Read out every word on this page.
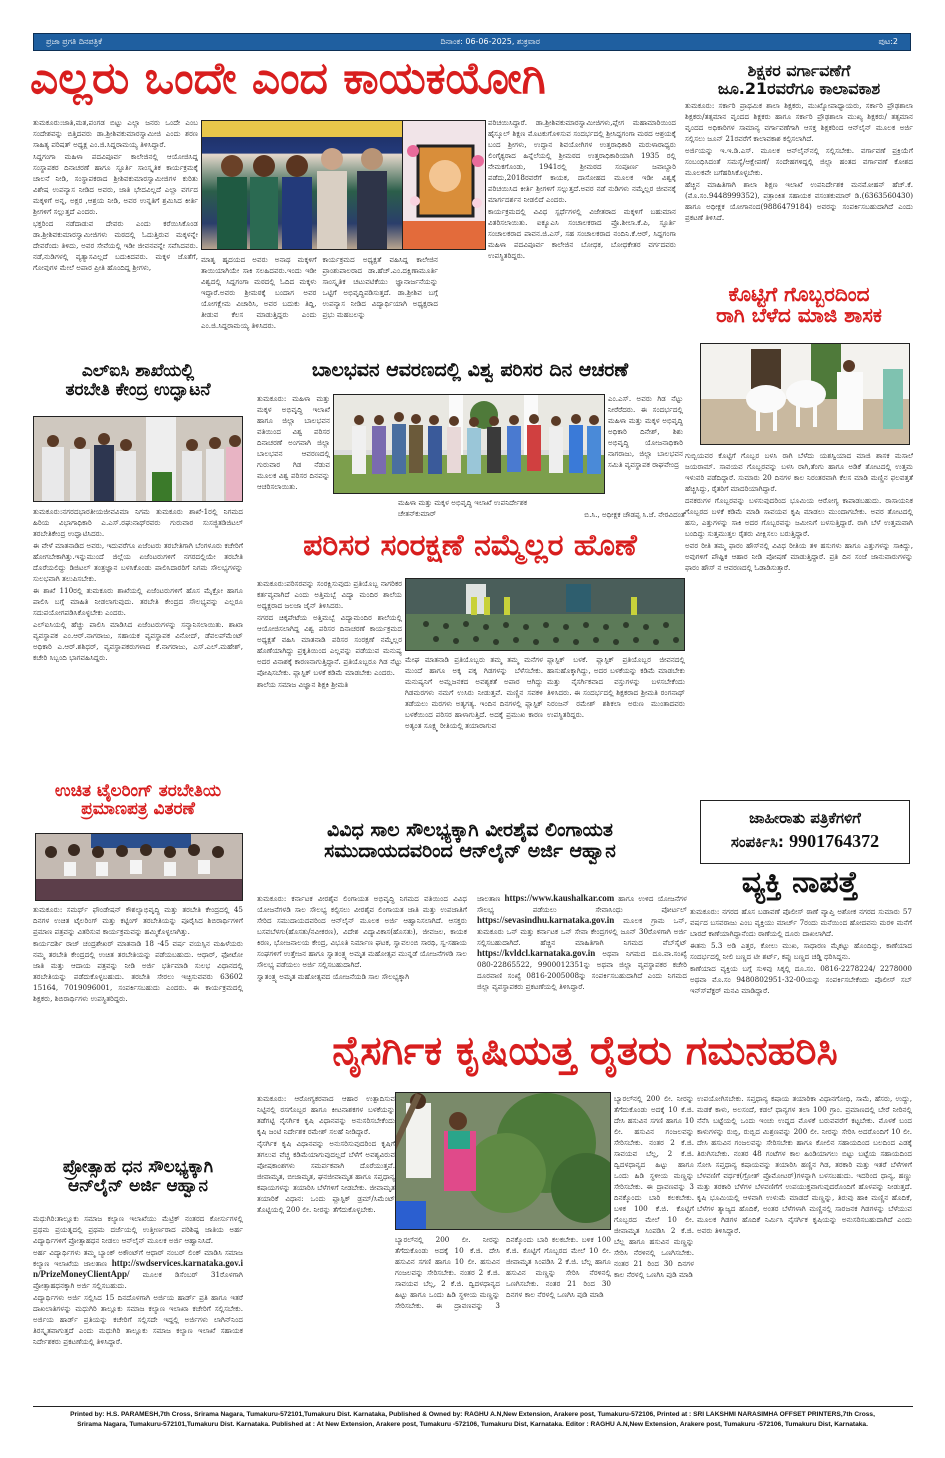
ಪ್ರಜಾ ಪ್ರಗತಿ ದಿನಪತ್ರಿಕೆ	ದಿನಾಂಕ: 06-06-2025, ಶುಕ್ರವಾರ	ಪುಟ:2
ಎಲ್ಲರು ಒಂದೇ ಎಂದ ಕಾಯಕಯೋಗಿ

ತುಮಕೂರು:ಜಾತಿ,ಮತ,ಪಂಗಡ ಬಿಟ್ಟು ಎಲ್ಲಾ ಜನರು ಒಂದೇ ಎಂಬ ಸಂದೇಶವನ್ನು ಬಿತ್ತಿದವರು ಡಾ.ಶ್ರೀಶಿವಕುಮಾರಸ್ವಾಮೀಜಿ ಎಂದು ಶರಣ ಸಾಹಿತ್ಯ ಪರಿಷತ್ ಅಧ್ಯಕ್ಷ ಎಂ.ಜಿ.ಸಿದ್ದರಾಮಯ್ಯ ತಿಳಿಸಿದ್ದಾರೆ.

ಸಿದ್ದಗಂಗಾ ಮಹಿಳಾ ಪದವಿಪೂರ್ವ ಕಾಲೇಜಿನಲ್ಲಿ ಆಯೋಜಿಸಿದ್ದ ಸಂಸ್ಥಾಪಕರ ದಿನಾಚರಣೆ ಹಾಗೂ ಸ್ಫೂರ್ತಿ ಸಾಂಸ್ಕೃತಿಕ ಕಾರ್ಯಕ್ರಮಕ್ಕೆ ಚಾಲನೆ ನೀಡಿ, ಸಂಸ್ಥಾಪಕರಾದ ಶ್ರೀಶಿವಕುಮಾರಸ್ವಾಮೀಜಿಗಳ ಕುರಿತು ವಿಶೇಷ ಉಪನ್ಯಾಸ ನೀಡಿದ ಅವರು, ಜಾತಿ ಭೇದವಿಲ್ಲದೆ ಎಲ್ಲಾ ವರ್ಗದ ಮಕ್ಕಳಿಗೆ ಅನ್ನ, ಅಕ್ಷರ ,ಆಶ್ರಯ ನೀಡಿ, ಅವರ ಉನ್ನತಿಗೆ ಶ್ರಮಿಸಿದ ಕೀರ್ತಿ ಶ್ರೀಗಳಿಗೆ ಸಲ್ಲುತ್ತದೆ ಎಂದರು.

ಭಕ್ತರಿಂದ ನಡೆದಾಡುವ ದೇವರು ಎಂದು ಕರೆಯಿಸಿಕೊಂಡ ಡಾ.ಶ್ರೀಶಿವಕುಮಾರಸ್ವಾಮೀಜಿಗಳು ಮಠದಲ್ಲಿ ಓದುತ್ತಿರುವ ಮಕ್ಕಳನ್ನೇ ದೇವರೆಂದು ತಿಳಿದು, ಅವರ ಸೇವೆಯಲ್ಲಿ ಇಡೀ ಜೀವನವನ್ನೇ ಸವೆಸಿದವರು. ನಡೆ,ನುಡಿಗಳಲ್ಲಿ ವ್ಯತ್ಯಾಸವಿಲ್ಲದೆ ಬದುಕಿದವರು. ಮಕ್ಕಳ ಜೊತೆಗೆ, ಗೋವುಗಳ ಮೇಲೆ ಅಪಾರ ಪ್ರೀತಿ ಹೊಂದಿದ್ದ ಶ್ರೀಗಳು,

ಮಾತೃ ಹೃದಯದ ಅವರು ಅನಾಥ ಮಕ್ಕಳಿಗೆ ತಾಯಿಯಾಗಿಯೇ ಸಾಕಿ ಸಲಹಿದವರು.ಇಂದು ಇಡೀ ವಿಶ್ವದಲ್ಲಿ ಸಿದ್ದಗಂಗಾ ಮಠದಲ್ಲಿ ಓದಿದ ಮಕ್ಕಳು ಇದ್ದಾರೆ.ಅವರು ಶ್ರೀಮಠಕ್ಕೆ ಬಂದಾಗ ಅವರ ಯೋಗಕ್ಷೇಮ ವಿಚಾರಿಸಿ, ಅವರ ಬದುಕು ತಿದ್ದಿ, ತೀಡುವ ಕೆಲಸ ಮಾಡುತ್ತಿದ್ದರು ಎಂದು ಎಂ.ಜಿ.ಸಿದ್ದರಾಮಯ್ಯ ತಿಳಿಸಿದರು.

ಕಾರ್ಯಕ್ರಮದ ಅಧ್ಯಕ್ಷತೆ ವಹಿಸಿದ್ದ ಕಾಲೇಜಿನ ಪ್ರಾಂಶುಪಾಲರಾದ ಡಾ.ಹೆಚ್.ಎಂ.ದಕ್ಷಿಣಾಮೂರ್ತಿ ಸಾಂಸ್ಕೃತಿಕ ಚಟುವಟಿಕೆಯು ಜ್ಞಾನಾರ್ಜನೆಯನ್ನು ಒಟ್ಟಿಗೆ ಅಭಿವೃದ್ಧಿಪಡಿಸುತ್ತದೆ. ಡಾ.ಶ್ರೀಶಿವ ಬಗ್ಗೆ ಉಪನ್ಯಾಸ ನೀಡಿದ ವಿದ್ಯಾರ್ಥಿಯಾಗಿ ಅಧ್ಯಕ್ಷರಾದ ಪ್ರಭು ಮಹಬಲನ್ನು

ಪರಿಚಯಿಸಿದ್ದಾರೆ. ಡಾ.ಶ್ರೀಶಿವಕುಮಾರಸ್ವಾಮೀಜಿಗಳು,ಪ್ಲೇಗ ಮಹಾಮಾರಿಯಿಂದ ಹೈಸ್ಕೂಲ್ ಶಿಕ್ಷಣ ಮೊಟಕುಗೊಳಿಸುವ ಸಂದರ್ಭದಲ್ಲಿ ಶ್ರೀಸಿದ್ದಗಂಗಾ ಮಠದ ಆಶ್ರಯಕ್ಕೆ ಬಂದ ಶ್ರೀಗಳು, ಉದ್ದಾನ ಶಿವಯೋಗಿಗಳ ಉತ್ತರಾಧಿಕಾರಿ ಮರುಳಾರಾಧ್ಯರು ಲಿಂಗೈಕ್ಯರಾದ ಹಿನ್ನೆಲೆಯಲ್ಲಿ ಶ್ರೀಮಠದ ಉತ್ತರಾಧಿಕಾರಿಯಾಗಿ 1935 ರಲ್ಲಿ ನೇಮಕಗೊಂಡು, 1941ರಲ್ಲಿ ಶ್ರೀಮಠದ ಸಂಪೂರ್ಣ ಜವಾಬ್ದಾರಿ ಪಡೆದು,2018ರವರೆಗೆ ಕಾಯಕ, ದಾಸೋಹದ ಮೂಲಕ ಇಡೀ ವಿಶ್ವಕ್ಕೆ ಪರಿಚಯಿಸಿದ ಕೀರ್ತಿ ಶ್ರೀಗಳಿಗೆ ಸಲ್ಲುತ್ತದೆ.ಅವರ ನಡೆ ನುಡಿಗಳು ನಮ್ಮೆಲ್ಲರ ಜೀವನಕ್ಕೆ ಮಾರ್ಗದರ್ಶನ ನೀಡಲಿದೆ ಎಂದರು.

ಕಾರ್ಯಕ್ರಮದಲ್ಲಿ ವಿವಿಧ ಸ್ಪರ್ಧೆಗಳಲ್ಲಿ ವಿಜೇತರಾದ ಮಕ್ಕಳಿಗೆ ಬಹುಮಾನ ವಿತರಿಸಲಾಯಿತು. ಐಕ್ಯೂಎಸಿ ಸಂಚಾಲಕರಾದ ಪ್ರೊ.ಶೀಲಾ.ಕೆ.ಪಿ, ಸ್ಫೂರ್ತಿ ಸಂಚಾಲಕರಾದ ಪಾವನ.ಜಿ.ಎಸ್, ಸಹ ಸಂಚಾಲಕರಾದ ನಂದಿನಿ.ಕೆ.ಆರ್, ಸಿದ್ದಗಂಗಾ ಮಹಿಳಾ ಪದವಿಪೂರ್ವ ಕಾಲೇಜಿನ ಬೋಧಕ, ಬೋಧಕೇತರ ವರ್ಗದವರು ಉಪಸ್ಥಿತರಿದ್ದರು.

ಶಿಕ್ಷಕರ ವರ್ಗಾವಣೆಗೆ
ಜೂ.21ರವರೆಗೂ ಕಾಲಾವಕಾಶ

ತುಮಕೂರು: ಸರ್ಕಾರಿ ಪ್ರಾಥಮಿಕ ಶಾಲಾ ಶಿಕ್ಷಕರು, ಮುಖ್ಯೋಪಾಧ್ಯಾಯರು, ಸರ್ಕಾರಿ ಪ್ರೌಢಶಾಲಾ ಶಿಕ್ಷಕರು/ತತ್ಸಮಾನ ವೃಂದದ ಶಿಕ್ಷಕರು ಹಾಗೂ ಸರ್ಕಾರಿ ಪ್ರೌಢಶಾಲಾ ಮುಖ್ಯ ಶಿಕ್ಷಕರು/ ತತ್ಸಮಾನ ವೃಂದದ ಅಧಿಕಾರಿಗಳ ಸಾಮಾನ್ಯ ವರ್ಗಾವಣೆಗಾಗಿ ಆಸಕ್ತ ಶಿಕ್ಷಕರಿಂದ ಆನ್‍ಲೈನ್ ಮೂಲಕ ಅರ್ಜಿ ಸಲ್ಲಿಸಲು ಜೂನ್ 21ರವರೆಗೆ ಕಾಲಾವಕಾಶ ಕಲ್ಪಿಸಲಾಗಿದೆ.

ಅರ್ಜಿಯನ್ನು ಇ.ಇ.ಡಿ.ಎಸ್. ಮೂಲಕ ಆನ್‍ಲೈನ್‍ನಲ್ಲಿ ಸಲ್ಲಿಸಬೇಕು. ವರ್ಗಾವಣೆ ಪ್ರಕ್ರಿಯೆಗೆ ಸಂಬಂಧಿಸಿದಂತೆ ಸಮಸ್ಯೆ/ಆಕ್ಷೇಪಣೆ/ ಸಂದೇಹಗಳಿದ್ದಲ್ಲಿ ಜಿಲ್ಲಾ ಹಂತದ ವರ್ಗಾವಣೆ ಕೋಶದ ಮೂಲಕವೇ ಬಗೆಹರಿಸಿಕೊಳ್ಳಬೇಕು.

ಹೆಚ್ಚಿನ ಮಾಹಿತಿಗಾಗಿ ಶಾಲಾ ಶಿಕ್ಷಣ ಇಲಾಖೆ ಉಪನಿರ್ದೇಶಕ ಮನಮೋಹನ್ ಹೆಚ್.ಕೆ.(ಮೊ.ಸಂ.9448999352), ಪತ್ರಾಂಕಿತ ಸಹಾಯಕ ವಸಂತಕುಮಾರ್ ಡಿ.(6363560430) ಹಾಗೂ ಅಧೀಕ್ಷಕ ಯೋಗಾನಂದ(9886479184) ಅವರನ್ನು ಸಂಪರ್ಕಿಸಬಹುದಾಗಿದೆ ಎಂದು ಪ್ರಕಟಣೆ ತಿಳಿಸಿದೆ.

ಕೊಟ್ಟಿಗೆ ಗೊಬ್ಬರದಿಂದ
ರಾಗಿ ಬೆಳೆದ ಮಾಜಿ ಶಾಸಕ

ಗುಬ್ಬಿಯವರ ಕೊಟ್ಟಿಗೆ ಗೊಬ್ಬರ ಬಳಸಿ ರಾಗಿ ಬೆಳೆದು ಯಶಸ್ವಿಯಾದ ಮಾಜಿ ಶಾಸಕ ಮಸಾಲೆ ಜಯರಾಮ್. ಸಾವಯವ ಗೊಬ್ಬರವನ್ನು ಬಳಸಿ ರಾಗಿ,ತೆಂಗು ಹಾಗೂ ಅಡಿಕೆ ತೋಟದಲ್ಲಿ ಉತ್ತಮ ಇಳುವರಿ ಪಡೆದಿದ್ದಾರೆ. ಸುಮಾರು 20 ದಿನಗಳ ಕಾಲ ನಿರಂತರವಾಗಿ ಕೆಲಸ ಮಾಡಿ ಮಣ್ಣಿನ ಫಲವತ್ತತೆ ಹೆಚ್ಚಿಸಿದ್ದು, ರೈತರಿಗೆ ಮಾದರಿಯಾಗಿದ್ದಾರೆ.

ದನಕರುಗಳ ಗೊಬ್ಬರವನ್ನು ಬಳಸುವುದರಿಂದ ಭೂಮಿಯ ಆರೋಗ್ಯ ಕಾಪಾಡಬಹುದು. ರಾಸಾಯನಿಕ ಗೊಬ್ಬರದ ಬಳಕೆ ಕಡಿಮೆ ಮಾಡಿ ಸಾವಯವ ಕೃಷಿ ಮಾಡಲು ಮುಂದಾಗಬೇಕು. ಅವರ ತೋಟದಲ್ಲಿ ಹಸು, ಎತ್ತುಗಳನ್ನು ಸಾಕಿ ಅದರ ಗೊಬ್ಬರವನ್ನು ಜಮೀನಿಗೆ ಬಳಸುತ್ತಿದ್ದಾರೆ. ರಾಗಿ ಬೆಳೆ ಉತ್ತಮವಾಗಿ ಬಂದಿದ್ದು ಸುತ್ತಮುತ್ತಲ ರೈತರು ವೀಕ್ಷಿಸಲು ಬರುತ್ತಿದ್ದಾರೆ.

ಅವರ ರೀತಿ ತಮ್ಮ ಫಾರಂ ಹೌಸ್‍ನಲ್ಲಿ ವಿವಿಧ ರೀತಿಯ ತಳಿ ಹಸುಗಳು ಹಾಗೂ ಎತ್ತುಗಳನ್ನು ಸಾಕಿದ್ದು, ಅವುಗಳಿಗೆ ಪೌಷ್ಟಿಕ ಆಹಾರ ನೀಡಿ ಪೋಷಣೆ ಮಾಡುತ್ತಿದ್ದಾರೆ. ಪ್ರತಿ ದಿನ ಸಂಜೆ ಜಾನುವಾರುಗಳನ್ನು ಫಾರಂ ಹೌಸ್ ನ ಆವರಣದಲ್ಲಿ ಓಡಾಡಿಸುತ್ತಾರೆ.

ಜಾಹೀರಾತು ಪತ್ರಿಕೆಗಳಿಗೆ
ಸಂಪರ್ಕಿಸಿ: 9901764372
ವ್ಯಕ್ತಿ ನಾಪತ್ತೆ

ತುಮಕೂರು: ನಗರದ ಹೊಸ ಬಡಾವಣೆ ಪೊಲೀಸ್ ಠಾಣೆ ವ್ಯಾಪ್ತಿ ಅಶೋಕ ನಗರದ ಸುಮಾರು 57 ವರ್ಷದ ಬಸವರಾಜು ಎಂಬ ವ್ಯಕ್ತಿಯು ಮಾರ್ಚ್ 7ರಂದು ಮನೆಯಿಂದ ಹೋದವನು ಮರಳಿ ಮನೆಗೆ ಬಾರದೆ ಕಾಣೆಯಾಗಿದ್ದಾನೆಂದು ಠಾಣೆಯಲ್ಲಿ ದೂರು ದಾಖಲಾಗಿದೆ.

ಈತನು 5.3 ಅಡಿ ಎತ್ತರ, ಕೋಲು ಮುಖ, ಸಾಧಾರಣ ಮೈಕಟ್ಟು ಹೊಂದಿದ್ದು, ಕಾಣೆಯಾದ ಸಂದರ್ಭದಲ್ಲಿ ನೀಲಿ ಬಣ್ಣದ ಟೀ ಶರ್ಟ್, ಕಪ್ಪು ಬಣ್ಣದ ಚಡ್ಡಿ ಧರಿಸಿದ್ದನು.

ಕಾಣೆಯಾದ ವ್ಯಕ್ತಿಯ ಬಗ್ಗೆ ಸುಳಿವು ಸಿಕ್ಕಲ್ಲಿ ದೂ.ಸಂ. 0816-2278224/ 2278000 ಅಥವಾ ಮೊ.ಸಂ 9480802951-32-00ಯನ್ನು ಸಂಪರ್ಕಿಸಬೇಕೆಂದು ಪೊಲೀಸ್ ಸಬ್ ಇನ್ಸ್‍ಪೆಕ್ಟರ್ ಮನವಿ ಮಾಡಿದ್ದಾರೆ.

ಎಲ್‍ಐಸಿ ಶಾಖೆಯಲ್ಲಿ
ತರಬೇತಿ ಕೇಂದ್ರ ಉದ್ಘಾಟನೆ

ತುಮಕೂರು:ನಗರದಭಾರತೀಯಜೀವವಿಮಾ ನಿಗಮ ತುಮಕೂರು ಶಾಖೆ-1ರಲ್ಲಿ ನಿಗಮದ ಹಿರಿಯ ವಿಭಾಗಾಧಿಕಾರಿ ಎ.ಎಸ್.ರಘುನಾಥ್‍ರವರು ಗುರುವಾರ ಸುಸಜ್ಜಿತಡಿಜಿಟಲ್ ತರಬೇತಿಕೇಂದ್ರ ಉದ್ಘಾಟಿಸಿದರು.

ಈ ವೇಳೆ ಮಾತನಾಡಿದ ಅವರು, ಇದುವರೆಗೂ ಏಜೆಂಟರು ತರಬೇತಿಗಾಗಿ ಬೆಂಗಳೂರು ಕಚೇರಿಗೆ ಹೋಗಬೇಕಾಗಿತ್ತು.ಇನ್ನುಮುಂದೆ ಜಿಲ್ಲೆಯ ಏಜೆಂಟರುಗಳಿಗೆ ನಗರದಲ್ಲಿಯೇ ತರಬೇತಿ ದೊರೆಯಲಿದ್ದು ಡಿಜಿಟಲ್ ತಂತ್ರಜ್ಞಾನ ಬಳಸಿಕೊಂಡು ಪಾಲಿಸಿದಾರರಿಗೆ ನಿಗಮ ಸೌಲಭ್ಯಗಳನ್ನು ಸುಲಭವಾಗಿ ತಲುಪಿಸಬೇಕು.

ಈ ಶಾಖೆ 110ರಲ್ಲಿ ತುಮಕೂರು ಶಾಖೆಯಲ್ಲಿ ಏಜೆಂಟರುಗಳಿಗೆ ಹೊಸ ಮೈಕ್ರೋ ಹಾಗೂ ಪಾಲಿಸಿ ಬಗ್ಗೆ ಮಾಹಿತಿ ನೀಡಲಾಗುವುದು. ತರಬೇತಿ ಕೇಂದ್ರದ ಸೌಲಭ್ಯವನ್ನು ಎಲ್ಲರೂ ಸದುಪಯೋಗಪಡಿಸಿಕೊಳ್ಳಬೇಕು ಎಂದರು.

ಎಲ್‍ಐಸಿಯಲ್ಲಿ ಹೆಚ್ಚು ಪಾಲಿಸಿ ಮಾಡಿಸಿದ ಏಜೆಂಟರುಗಳನ್ನು ಸನ್ಮಾನಿಸಲಾಯಿತು. ಶಾಖಾ ವ್ಯವಸ್ಥಾಪಕ ಎಂ.ಆರ್.ನಾಗರಾಜು, ಸಹಾಯಕ ವ್ಯವಸ್ಥಾಪಕ ವಿನೋದ್, ಡೆವಲಪ್‍ಮೆಂಟ್ ಅಧಿಕಾರಿ ಎ.ಆರ್.ಶಶಿಧರ್, ವ್ಯವಸ್ಥಾಪಕರುಗಳಾದ ಕೆ.ನಾಗರಾಜು, ಎಸ್.ಎಲ್.ಮಹೇಶ್, ಕಚೇರಿ ಸಿಬ್ಬಂದಿ ಭಾಗವಹಿಸಿದ್ದರು.

ಉಚಿತ ಟೈಲರಿಂಗ್ ತರಬೇತಿಯ
ಪ್ರಮಾಣಪತ್ರ ವಿತರಣೆ

ತುಮಕೂರು: ಸಮರ್ಥ್ ಫೌಂಡೇಷನ್ ಕೌಶಲ್ಯಾಭಿವೃದ್ಧಿ ಮತ್ತು ತರಬೇತಿ ಕೇಂದ್ರದಲ್ಲಿ 45 ದಿನಗಳ ಉಚಿತ ಟೈಲರಿಂಗ್ ಮತ್ತು ಕಟ್ಟಿಂಗ್ ತರಬೇತಿಯನ್ನು ಪೂರೈಸಿದ ಶಿಬಿರಾರ್ಥಿಗಳಿಗೆ ಪ್ರಮಾಣ ಪತ್ರವನ್ನು ವಿತರಿಸುವ ಕಾರ್ಯಕ್ರಮವನ್ನು ಹಮ್ಮಿಕೊಳ್ಳಲಾಗಿತ್ತು.

ಕಾರ್ಯದರ್ಶಿ ರಾಜ್ ಚಂದ್ರಶೇಖರ್ ಮಾತನಾಡಿ 18 -45 ವರ್ಷ ವಯಸ್ಸಿನ ಮಹಿಳೆಯರು ನಮ್ಮ ತರಬೇತಿ ಕೇಂದ್ರದಲ್ಲಿ ಉಚಿತ ತರಬೇತಿಯನ್ನು ಪಡೆಯಬಹುದು. ಆಧಾರ್, ಫೋಟೋ ಜಾತಿ ಮತ್ತು ಆದಾಯ ಪತ್ರವನ್ನು ನೀಡಿ ಅರ್ಜಿ ಭರ್ತಿಮಾಡಿ ಸುಲಭ ವಿಧಾನದಲ್ಲಿ ತರಬೇತಿಯನ್ನು ಪಡೆದುಕೊಳ್ಳಬಹುದು. ತರಬೇತಿ ಸೇರಲು ಇಚ್ಛಿಸುವವರು 63602 15164, 7019096001, ಸಂಪರ್ಕಿಸಬಹುದು ಎಂದರು. ಈ ಕಾರ್ಯಕ್ರಮದಲ್ಲಿ ಶಿಕ್ಷಕರು, ಶಿಬಿರಾರ್ಥಿಗಳು ಉಪಸ್ಥಿತರಿದ್ದರು.

ಪ್ರೋತ್ಸಾಹ ಧನ ಸೌಲಭ್ಯಕ್ಕಾಗಿ
ಆನ್‍ಲೈನ್ ಅರ್ಜಿ ಆಹ್ವಾನ

ಮಧುಗಿರಿ:ತಾಲ್ಲೂಕು ಸಮಾಜ ಕಲ್ಯಾಣ ಇಲಾಖೆಯು ಮೆಟ್ರಿಕ್ ನಂತರದ ಕೋರ್ಸುಗಳಲ್ಲಿ ಪ್ರಥಮ ಪ್ರಯತ್ನದಲ್ಲಿ ಪ್ರಥಮ ದರ್ಜೆಯಲ್ಲಿ ಉತ್ತೀರ್ಣರಾದ ಪರಿಶಿಷ್ಟ ಜಾತಿಯ ಅರ್ಹ ವಿದ್ಯಾರ್ಥಿಗಳಿಗೆ ಪ್ರೋತ್ಸಾಹಧನ ನೀಡಲು ಆನ್‍ಲೈನ್ ಮೂಲಕ ಅರ್ಜಿ ಆಹ್ವಾನಿಸಿದೆ.

ಅರ್ಹ ವಿದ್ಯಾರ್ಥಿಗಳು ತಮ್ಮ ಬ್ಯಾಂಕ್ ಅಕೌಂಟ್‍ಗೆ ಆಧಾರ್ ನಂಬರ್ ಲಿಂಕ್ ಮಾಡಿಸಿ ಸಮಾಜ ಕಲ್ಯಾಣ ಇಲಾಖೆಯ ಜಾಲತಾಣ http://swdservices.karnataka.gov.in/PrizeMoneyClientApp/ ಮೂಲಕ ಡಿಸೆಂಬರ್ 31ರೊಳಗಾಗಿ ಪ್ರೋತ್ಸಾಹಧನಕ್ಕಾಗಿ ಅರ್ಜಿ ಸಲ್ಲಿಸಬಹುದು.

ವಿದ್ಯಾರ್ಥಿಗಳು ಅರ್ಜಿ ಸಲ್ಲಿಸಿದ 15 ದಿನದೊಳಗಾಗಿ ಅರ್ಜಿಯ ಹಾರ್ಡ್ ಪ್ರತಿ ಹಾಗೂ ಇತರೆ ದಾಖಲಾತಿಗಳನ್ನು ಮಧುಗಿರಿ ತಾಲ್ಲೂಕು ಸಮಾಜ ಕಲ್ಯಾಣ ಇಲಾಖಾ ಕಚೇರಿಗೆ ಸಲ್ಲಿಸಬೇಕು. ಅರ್ಜಿಯ ಹಾರ್ಡ್ ಪ್ರತಿಯನ್ನು ಕಚೇರಿಗೆ ಸಲ್ಲಿಸದೇ ಇದ್ದಲ್ಲಿ ಅರ್ಜಿಗಳು ಲಾಗಿನ್‍ನಿಂದ ತಿರಸ್ಕೃತವಾಗುತ್ತದೆ ಎಂದು ಮಧುಗಿರಿ ತಾಲ್ಲೂಕು ಸಮಾಜ ಕಲ್ಯಾಣ ಇಲಾಖೆ ಸಹಾಯಕ ನಿರ್ದೇಶಕರು ಪ್ರಕಟಣೆಯಲ್ಲಿ ತಿಳಿಸಿದ್ದಾರೆ.

ಬಾಲಭವನ ಆವರಣದಲ್ಲಿ ವಿಶ್ವ ಪರಿಸರ ದಿನ ಆಚರಣೆ
ತುಮಕೂರು: ಮಹಿಳಾ ಮತ್ತು ಮಕ್ಕಳ ಅಭಿವೃದ್ಧಿ ಇಲಾಖೆ ಹಾಗೂ ಜಿಲ್ಲಾ ಬಾಲಭವನ ವತಿಯಿಂದ ವಿಶ್ವ ಪರಿಸರ ದಿನಾಚರಣೆ ಅಂಗವಾಗಿ ಜಿಲ್ಲಾ ಬಾಲಭವನ ಆವರಣದಲ್ಲಿ ಗುರುವಾರ ಗಿಡ ನೆಡುವ ಮೂಲಕ ವಿಶ್ವ ಪರಿಸರ ದಿನವನ್ನು ಆಚರಿಸಲಾಯಿತು.
ಮಹಿಳಾ ಮತ್ತು ಮಕ್ಕಳ ಅಭಿವೃದ್ಧಿ ಇಲಾಖೆ ಉಪನಿರ್ದೇಶಕ ಚೇತನ್‍ಕುಮಾರ್
ಎಂ.ಎಸ್. ಅವರು ಗಿಡ ನೆಟ್ಟು ನೀರೆರೆದರು. ಈ ಸಂದರ್ಭದಲ್ಲಿ ಮಹಿಳಾ ಮತ್ತು ಮಕ್ಕಳ ಅಭಿವೃದ್ಧಿ ಅಧಿಕಾರಿ ದಿನೇಶ್, ಶಿಶು ಅಭಿವೃದ್ಧಿ ಯೋಜನಾಧಿಕಾರಿ ನಾಗರಾಜು, ಜಿಲ್ಲಾ ಬಾಲಭವನ ಸಮಿತಿ ವ್ಯವಸ್ಥಾಪಕ ರಾಘವೇಂದ್ರ
ಬಿ.ಸಿ., ಅಧೀಕ್ಷಕ ಚೌಡಪ್ಪ ಸಿ.ಜೆ. ನೇರವಿದಂತೆ
ಪರಿಸರ ಸಂರಕ್ಷಣೆ ನಮ್ಮೆಲ್ಲರ ಹೊಣೆ

ತುಮಕೂರು:ಪರಿಸರವನ್ನು ಸಂರಕ್ಷಿಸುವುದು ಪ್ರತಿಯೊಬ್ಬ ನಾಗರಿಕರ ಕರ್ತವ್ಯವಾಗಿದೆ ಎಂದು ಅತ್ತಿಮಬ್ಬೆ ವಿದ್ಯಾ ಮಂದಿರ ಶಾಲೆಯ ಅಧ್ಯಕ್ಷರಾದ ಜಲಜಾ ಜೈನ್ ತಿಳಿಸಿದರು.

ನಗರದ ಚಿಕ್ಕಪೇಟೆಯ ಅತ್ತಿಮಬ್ಬೆ ವಿದ್ಯಾಮಂದಿರ ಶಾಲೆಯಲ್ಲಿ ಆಯೋಜಿಸಲಾಗಿದ್ದ ವಿಶ್ವ ಪರಿಸರ ದಿನಾಚರಣೆ ಕಾರ್ಯಕ್ರಮದ ಅಧ್ಯಕ್ಷತೆ ವಹಿಸಿ ಮಾತನಾಡಿ ಪರಿಸರ ಸಂರಕ್ಷಣೆ ನಮ್ಮೆಲ್ಲರ ಹೊಣೆಯಾಗಿದ್ದು ಪ್ರಕೃತಿಯಿಂದ ಎಲ್ಲವನ್ನು ಪಡೆಯುವ ಮನುಷ್ಯ ಅದರ ವಿನಾಶಕ್ಕೆ ಕಾರಣನಾಗುತ್ತಿದ್ದಾನೆ. ಪ್ರತಿಯೊಬ್ಬರೂ ಗಿಡ ನೆಟ್ಟು ಪೋಷಿಸಬೇಕು. ಪ್ಲಾಸ್ಟಿಕ್ ಬಳಕೆ ಕಡಿಮೆ ಮಾಡಬೇಕು ಎಂದರು.

ಶಾಲೆಯ ಸಮಾಜ ವಿಜ್ಞಾನ ಶಿಕ್ಷಕಿ ಶ್ರೀಮತಿ

ಮೇಘ ಮಾತನಾಡಿ ಪ್ರತಿಯೊಬ್ಬರು ತಮ್ಮ ತಮ್ಮ ಮನೆಗಳ ಮುಂದೆ ಹಾಗೂ ಅಕ್ಕ ಪಕ್ಕ ಗಿಡಗಳನ್ನು ಬೆಳೆಸಬೇಕು. ಮನುಷ್ಯನಿಗೆ ಅಮ್ಲಜನಕದ ಅವಶ್ಯಕತೆ ಅಪಾರ ಆಗಿದ್ದು ಗಿಡಮರಗಳು ನಮಗೆ ಉಸಿರು ನೀಡುತ್ತವೆ. ಮಣ್ಣಿನ ಸವಕಳಿ ತಡೆಯಲು ಮರಗಳು ಅತ್ಯಗತ್ಯ. ಇಂದಿನ ದಿನಗಳಲ್ಲಿ ಪ್ಲಾಸ್ಟಿಕ್ ಬಳಕೆಯಿಂದ ಪರಿಸರ ಹಾಳಾಗುತ್ತಿದೆ. ಅದಕ್ಕೆ ಪ್ರಮುಖ ಕಾರಣ ಅತ್ಯಂತ ಸೂಕ್ಷ್ಮ ರೀತಿಯಲ್ಲಿ ತಯಾರಾಗುವ
ಪ್ಲಾಸ್ಟಿಕ್ ಬಳಕೆ. ಪ್ಲಾಸ್ಟಿಕ್ ಪ್ರತಿಯೊಬ್ಬರ ಜೀವನದಲ್ಲಿ ಹಾಸುಹೊಕ್ಕಾಗಿದ್ದು, ಅದರ ಬಳಕೆಯನ್ನು ಕಡಿಮೆ ಮಾಡಬೇಕು ಮತ್ತು ನೈಸರ್ಗಿಕವಾದ ವಸ್ತುಗಳನ್ನು ಬಳಸಬೇಕೆಂದು ತಿಳಿಸಿದರು. ಈ ಸಂದರ್ಭದಲ್ಲಿ ಶಿಕ್ಷಕರಾದ ಶ್ರೀಮತಿ ರಂಗನಾಥ್ ನಿರಂಜನ್ ರಮೇಶ್ ಶಶಿಕಲಾ ಅರುಣ ಮುಂತಾದವರು ಉಪಸ್ಥಿತರಿದ್ದರು.
ವಿವಿಧ ಸಾಲ ಸೌಲಭ್ಯಕ್ಕಾಗಿ ವೀರಶೈವ ಲಿಂಗಾಯತ
ಸಮುದಾಯದವರಿಂದ ಆನ್‍ಲೈನ್ ಅರ್ಜಿ ಆಹ್ವಾನ

ತುಮಕೂರು: ಕರ್ನಾಟಕ ವೀರಶೈವ ಲಿಂಗಾಯತ ಅಭಿವೃದ್ಧಿ ನಿಗಮದ ವತಿಯಿಂದ ವಿವಿಧ ಯೋಜನೆಗಳಡಿ ಸಾಲ ಸೌಲಭ್ಯ ಕಲ್ಪಿಸಲು ವೀರಶೈವ ಲಿಂಗಾಯತ ಜಾತಿ ಮತ್ತು ಉಪಜಾತಿಗೆ ಸೇರಿದ ಸಮುದಾಯದವರಿಂದ ಆನ್‍ಲೈನ್ ಮೂಲಕ ಅರ್ಜಿ ಆಹ್ವಾನಿಸಲಾಗಿದೆ. ಆಸಕ್ತರು ಬಸವಬೆಳಗು(ಹೊಸತು/ನವೀಕರಣ), ವಿದೇಶ ವಿದ್ಯಾವಿಕಾಸ(ಹೊಸತು), ಜೀವಜಲ, ಕಾಯಕ ಕಿರಣ, ಭೋಜನಾಲಯ ಕೇಂದ್ರ, ವಿಭೂತಿ ನಿರ್ಮಾಣ ಘಟಕ, ಸ್ವಾವಲಂಬಿ ಸಾರಥಿ, ಸ್ವ-ಸಹಾಯ ಸಂಘಗಳಿಗೆ ಉತ್ತೇಜನ ಹಾಗೂ ಸ್ವಾತಂತ್ರ್ಯ ಅಮೃತ ಮಹೋತ್ಸವ ಮುನ್ನಡೆ ಯೋಜನೆಗಳಡಿ ಸಾಲ ಸೌಲಭ್ಯ ಪಡೆಯಲು ಅರ್ಜಿ ಸಲ್ಲಿಸಬಹುದಾಗಿದೆ.

ಸ್ವಾತಂತ್ರ್ಯ ಅಮೃತ ಮಹೋತ್ಸವದ ಯೋಜನೆಯಡಿ ಸಾಲ ಸೌಲಭ್ಯಕ್ಕಾಗಿ

ಜಾಲತಾಣ https://www.kaushalkar.com ಹಾಗೂ ಉಳಿದ ಯೋಜನೆಗಳ ಸೌಲಭ್ಯ ಪಡೆಯಲು ಸೇವಾಸಿಂಧು ಪೋರ್ಟಲ್ https://sevasindhu.karnataka.gov.in ಮೂಲಕ ಗ್ರಾಮ ಒನ್, ತುಮಕೂರು ಒನ್ ಮತ್ತು ಕರ್ನಾಟಕ ಒನ್ ಸೇವಾ ಕೇಂದ್ರಗಳಲ್ಲಿ ಜೂನ್ 30ರೊಳಗಾಗಿ ಅರ್ಜಿ ಸಲ್ಲಿಸಬಹುದಾಗಿದೆ. ಹೆಚ್ಚಿನ ಮಾಹಿತಿಗಾಗಿ ನಿಗಮದ ವೆಬ್‍ಸೈಟ್ https://kvldcl.karnataka.gov.in ಅಥವಾ ನಿಗಮದ ದೂ.ವಾ.ಸಂಖ್ಯೆ 080-22865522, 9900012351ನ್ನು ಅಥವಾ ಜಿಲ್ಲಾ ವ್ಯವಸ್ಥಾಪಕರ ಕಚೇರಿ ದೂರವಾಣಿ ಸಂಖ್ಯೆ 0816-2005008ನ್ನು ಸಂಪರ್ಕಿಸಬಹುದಾಗಿದೆ ಎಂದು ನಿಗಮದ ಜಿಲ್ಲಾ ವ್ಯವಸ್ಥಾಪಕರು ಪ್ರಕಟಣೆಯಲ್ಲಿ ತಿಳಿಸಿದ್ದಾರೆ.
ನೈಸರ್ಗಿಕ ಕೃಷಿಯತ್ತ ರೈತರು ಗಮನಹರಿಸಿ

ತುಮಕೂರು: ಆರೋಗ್ಯಕರವಾದ ಆಹಾರ ಉತ್ಪಾದಿಸುವ ನಿಟ್ಟಿನಲ್ಲಿ ರಸಗೊಬ್ಬರ ಹಾಗೂ ಕೀಟನಾಶಕಗಳ ಬಳಕೆಯನ್ನು ತಡೆಗಟ್ಟಿ ನೈಸರ್ಗಿಕ ಕೃಷಿ ವಿಧಾನವನ್ನು ಅನುಸರಿಸಬೇಕೆಂದು ಕೃಷಿ ಜಂಟಿ ನಿರ್ದೇಶಕ ರಮೇಶ್ ಸಲಹೆ ನೀಡಿದ್ದಾರೆ.

ನೈಸರ್ಗಿಕ ಕೃಷಿ ವಿಧಾನವನ್ನು ಅನುಸರಿಸುವುದರಿಂದ ಕೃಷಿಗೆ ತಗಲುವ ವೆಚ್ಚ ಕಡಿಮೆಯಾಗುವುದಲ್ಲದೆ ಬೆಳೆಗೆ ಅವಶ್ಯವಿರುವ ಪೋಷಕಾಂಶಗಳು ಸಮರ್ಪಕವಾಗಿ ದೊರೆಯುತ್ತವೆ. ಜೀವಾಮೃತ, ಬೀಜಾಮೃತ, ಘನಜೀವಾಮೃತ ಹಾಗೂ ಸಪ್ತಧಾನ್ಯ ಕಷಾಯಗಳನ್ನು ತಯಾರಿಸಿ ಬೆಳೆಗಳಿಗೆ ನೀಡಬೇಕು. ಜೀವಾಮೃತ ತಯಾರಿಕೆ ವಿಧಾನ: ಒಂದು ಪ್ಲಾಸ್ಟಿಕ್ ಡ್ರಮ್/ಸಿಮೆಂಟ್ ತೊಟ್ಟಿಯಲ್ಲಿ 200 ಲೀ. ನೀರನ್ನು ತೆಗೆದುಕೊಳ್ಳಬೇಕು.

ಬ್ಯಾರಲ್‍ನಲ್ಲಿ 200 ಲೀ. ನೀರನ್ನು ತೆಗೆದುಕೊಂಡು ಅದಕ್ಕೆ 10 ಕೆ.ಜಿ. ದೇಸಿ ಹಸುವಿನ ಸಗಣಿ ಹಾಗೂ 10 ಲೀ. ಹಸುವಿನ ಗಂಜಲವನ್ನು ಸೇರಿಸಬೇಕು. ನಂತರ 2 ಕೆ.ಜಿ. ಸಾವಯವ ಬೆಲ್ಲ, 2 ಕೆ.ಜಿ. ದ್ವಿದಳಧಾನ್ಯದ ಹಿಟ್ಟು ಹಾಗೂ ಒಂದು ಹಿಡಿ ಸ್ಥಳೀಯ ಮಣ್ಣನ್ನು ಸೇರಿಸಬೇಕು. ಈ ದ್ರಾವಣವನ್ನು 3 ದಿನಕ್ಕೊಂದು ಬಾರಿ ಕಲಕಬೇಕು. ಬಳಿಕ 100 ಕೆ.ಜಿ. ಕೊಟ್ಟಿಗೆ ಗೊಬ್ಬರದ ಮೇಲೆ 10 ಲೀ. ಜೀವಾಮೃತ ಸಿಂಪಡಿಸಿ 2 ಕೆ.ಜಿ. ಬೆಲ್ಲ ಹಾಗೂ ಹಸುವಿನ ಮಣ್ಣನ್ನು ಸೇರಿಸಿ ನೆರಳಿನಲ್ಲಿ ಒಣಗಿಸಬೇಕು. ನಂತರ 21 ರಿಂದ 30 ದಿನಗಳ ಕಾಲ ನೆರಳಲ್ಲಿ ಒಣಗಿಸಿ ಪುಡಿ ಮಾಡಿ
ಉಪಯೋಗಿಸಬೇಕು. ಸಪ್ತಧಾನ್ಯ ಕಷಾಯ ತಯಾರಿಕಾ ವಿಧಾನಗೋಧಿ, ಸಾಮೆ, ಹೆಸರು, ಉದ್ದು, ಮಡಕೆ ಕಾಳು, ಅಲಸಂದೆ, ಕಡಲೆ ಧಾನ್ಯಗಳ ತಲಾ 100 ಗ್ರಾಂ. ಪ್ರಮಾಣದಲ್ಲಿ ಬೇರೆ ನೀರಿನಲ್ಲಿ ನೆನೆಸಿ ಬಟ್ಟೆಯಲ್ಲಿ ಒಂದು ಇಂಚು ಉದ್ದದ ಮೊಳಕೆ ಬರುವವರೆಗೆ ಕಟ್ಟಬೇಕು. ಮೊಳಕೆ ಬಂದ ಕಾಳುಗಳನ್ನು ರುಬ್ಬಿ, ರುಬ್ಬಿದ ಮಿಶ್ರಣವನ್ನು 200 ಲೀ. ನೀರನ್ನು ಸೇರಿಸಿ ಅದರೊಂದಿಗೆ 10 ಲೀ. ದೇಸಿ ಹಸುವಿನ ಗಂಜಲವನ್ನು ಸೇರಿಸಬೇಕು ಹಾಗೂ ಕೋಲಿನ ಸಹಾಯದಿಂದ ಬಲದಿಂದ ಎಡಕ್ಕೆ ತಿರುಗಿಸಬೇಕು. ನಂತರ 48 ಗಂಟೆಗಳ ಕಾಲ ಹಿಂಡಿಯಾಗಲು ಬಿಟ್ಟು ಬಟ್ಟೆಯ ಸಹಾಯದಿಂದ ಸೋಸಿ ಸಪ್ತಧಾನ್ಯ ಕಷಾಯವನ್ನು ತಯಾರಿಸಿ ಹಣ್ಣಿನ ಗಿಡ, ತರಕಾರಿ ಮತ್ತು ಇತರೆ ಬೆಳೆಗಳಿಗೆ ಬೆಳವಣಿಗೆ ವರ್ಧಕ(ಗ್ರೋತ್ ಪ್ರೊಮೋಟರ್)ಗಳನ್ನಾಗಿ ಬಳಸಬಹುದು. ಇದರಿಂದ ಧಾನ್ಯ, ಹಣ್ಣು ಮತ್ತು ತರಕಾರಿ ಬೆಳೆಗಳ ಬೆಳವಣಿಗೆಗೆ ಉಪಯುಕ್ತವಾಗುವುದರೊಂದಿಗೆ ಹೊಳಪನ್ನು ನೀಡುತ್ತದೆ. ಕೃಷಿ ಭೂಮಿಯಲ್ಲಿ ಆಳವಾಗಿ ಉಳುಮೆ ಮಾಡದೆ ಮಣ್ಣನ್ನು, ತಿರುವು ಹಾಕಿ ಮಣ್ಣಿನ ಹೊದಿಕೆ, ಬೆಳೆಗಳ ತ್ಯಾಜ್ಯದ ಹೊದಿಕೆ, ಅಂತರ ಬೆಳೆಗಳಾಗಿ ಮಣ್ಣಿನಲ್ಲಿ ಸಾರಜನಕ ಗಿಡಗಳನ್ನು ಬೆಳೆಯುವ ಮೂಲಕ ಗಿಡಗಳ ಹೊದಿಕೆ ನಿರ್ಮಿಸಿ ನೈಸರ್ಗಿಕ ಕೃಷಿಯನ್ನು ಅನುಸರಿಸಬಹುದಾಗಿದೆ ಎಂದು ಅವರು ತಿಳಿಸಿದ್ದಾರೆ.

ಬ್ಯಾರಲ್‍ನಲ್ಲಿ 200 ಲೀ. ನೀರನ್ನು ತೆಗೆದುಕೊಂಡು ಅದಕ್ಕೆ 10 ಕೆ.ಜಿ. ದೇಸಿ ಹಸುವಿನ ಸಗಣಿ ಹಾಗೂ 10 ಲೀ. ಹಸುವಿನ ಗಂಜಲವನ್ನು ಸೇರಿಸಬೇಕು. ನಂತರ 2 ಕೆ.ಜಿ. ಸಾವಯವ ಬೆಲ್ಲ, 2 ಕೆ.ಜಿ. ದ್ವಿದಳಧಾನ್ಯದ ಹಿಟ್ಟು ಹಾಗೂ ಒಂದು ಹಿಡಿ ಸ್ಥಳೀಯ ಮಣ್ಣನ್ನು ಸೇರಿಸಬೇಕು. ಈ ದ್ರಾವಣವನ್ನು 3 ದಿನಕ್ಕೊಂದು ಬಾರಿ ಕಲಕಬೇಕು. ಬಳಿಕ 100 ಕೆ.ಜಿ. ಕೊಟ್ಟಿಗೆ ಗೊಬ್ಬರದ ಮೇಲೆ 10 ಲೀ. ಜೀವಾಮೃತ ಸಿಂಪಡಿಸಿ 2 ಕೆ.ಜಿ. ಬೆಲ್ಲ ಹಾಗೂ ಹಸುವಿನ ಮಣ್ಣನ್ನು ಸೇರಿಸಿ ನೆರಳಿನಲ್ಲಿ ಒಣಗಿಸಬೇಕು. ನಂತರ 21 ರಿಂದ 30 ದಿನಗಳ ಕಾಲ ನೆರಳಲ್ಲಿ ಒಣಗಿಸಿ ಪುಡಿ ಮಾಡಿ

Printed by: H.S. PARAMESH,7th Cross, Srirama Nagara, Tumakuru-572101,Tumakuru Dist. Karnataka, Published & Owned by: RAGHU A.N,New Extension, Arakere post, Tumakuru-572106, Printed at : SRI LAKSHMI NARASIMHA OFFSET PRINTERS,7th Cross,
Srirama Nagara, Tumakuru-572101,Tumakuru Dist. Karnataka. Published at : At New Extension, Arakere post, Tumakuru -572106, Tumakuru Dist, Karnataka. Editor : RAGHU A.N,New Extension, Arakere post, Tumakuru -572106, Tumakuru Dist, Karnataka.
